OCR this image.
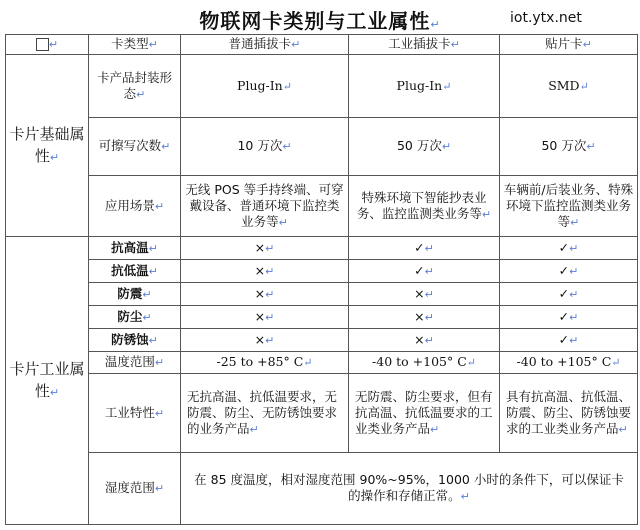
物联网卡类别与工业属性↵	iot.ytx.net
↵	卡类型↵	普通插拔卡↵	工业插拔卡↵	贴片卡↵
卡片基础属性↵	卡产品封装形态↵	Plug-In↵	Plug-In↵	SMD↵
	可擦写次数↵	10 万次↵	50 万次↵	50 万次↵
	应用场景↵	无线 POS 等手持终端、可穿戴设备、普通环境下监控类业务等↵	特殊环境下智能抄表业务、监控监测类业务等↵	车辆前/后装业务、特殊环境下监控监测类业务等↵
卡片工业属性↵	抗高温↵	×↵	✓↵	✓↵
	抗低温↵	×↵	✓↵	✓↵
	防震↵	×↵	×↵	✓↵
	防尘↵	×↵	×↵	✓↵
	防锈蚀↵	×↵	×↵	✓↵
	温度范围↵	-25 to +85° C↵	-40 to +105° C↵	-40 to +105° C↵
	工业特性↵	无抗高温、抗低温要求，无防震、防尘、无防锈蚀要求的业务产品↵	无防震、防尘要求，但有抗高温、抗低温要求的工业类业务产品↵	具有抗高温、抗低温、防震、防尘、防锈蚀要求的工业类业务产品↵
	湿度范围↵	在 85 度温度，相对湿度范围 90%~95%，1000 小时的条件下，可以保证卡的操作和存储正常。↵		
